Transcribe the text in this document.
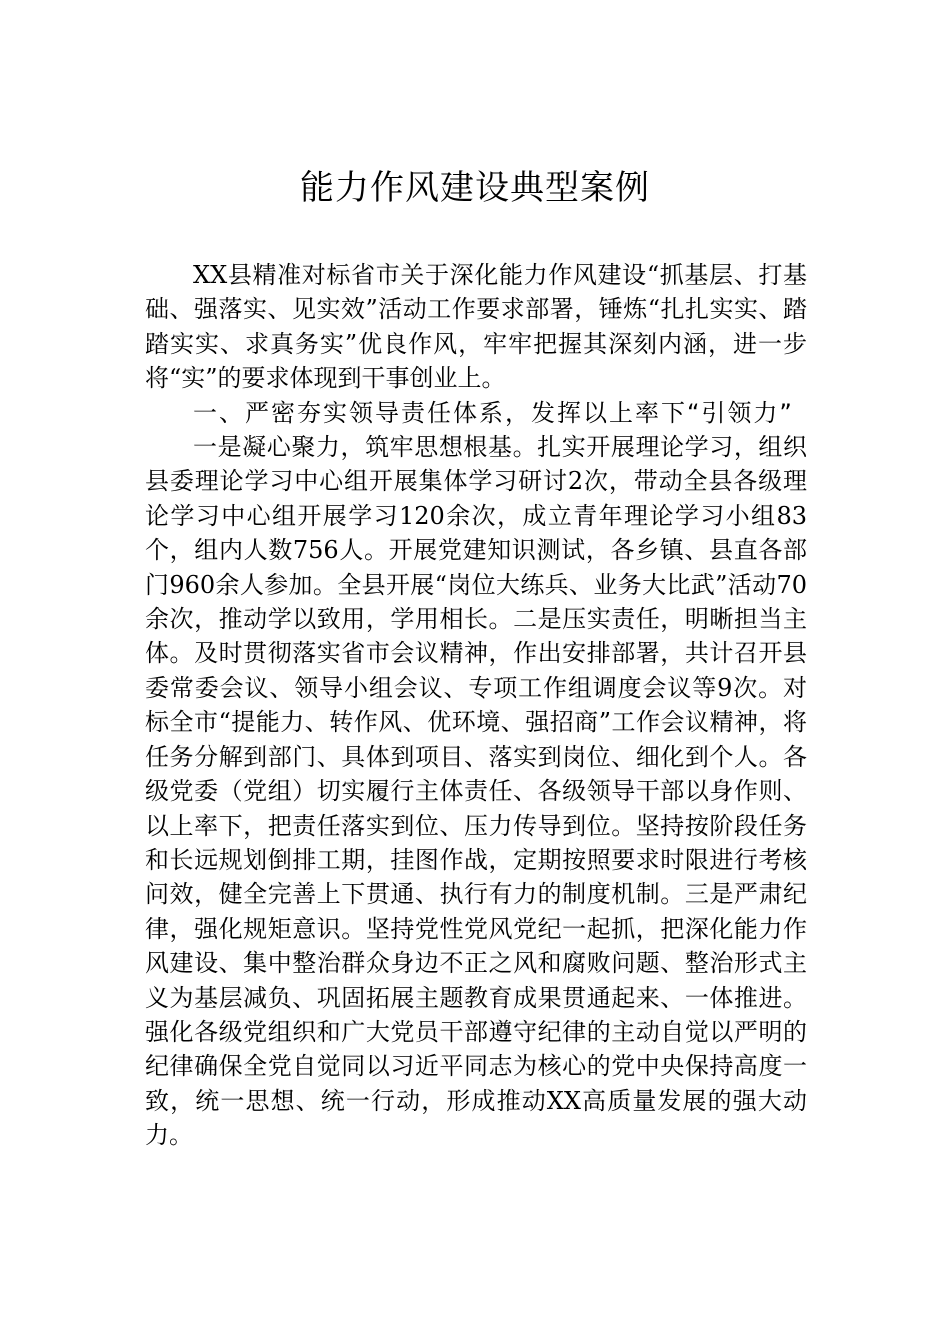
能力作风建设典型案例

XX县精准对标省市关于深化能力作风建设“抓基层、打基础、强落实、见实效”活动工作要求部署，锤炼“扎扎实实、踏踏实实、求真务实”优良作风，牢牢把握其深刻内涵，进一步将“实”的要求体现到干事创业上。

一、严密夯实领导责任体系，发挥以上率下“引领力”

一是凝心聚力，筑牢思想根基。扎实开展理论学习，组织县委理论学习中心组开展集体学习研讨2次，带动全县各级理论学习中心组开展学习120余次，成立青年理论学习小组83个，组内人数756人。开展党建知识测试，各乡镇、县直各部门960余人参加。全县开展“岗位大练兵、业务大比武”活动70余次，推动学以致用，学用相长。二是压实责任，明晰担当主体。及时贯彻落实省市会议精神，作出安排部署，共计召开县委常委会议、领导小组会议、专项工作组调度会议等9次。对标全市“提能力、转作风、优环境、强招商”工作会议精神，将任务分解到部门、具体到项目、落实到岗位、细化到个人。各级党委（党组）切实履行主体责任、各级领导干部以身作则、以上率下，把责任落实到位、压力传导到位。坚持按阶段任务和长远规划倒排工期，挂图作战，定期按照要求时限进行考核问效，健全完善上下贯通、执行有力的制度机制。三是严肃纪律，强化规矩意识。坚持党性党风党纪一起抓，把深化能力作风建设、集中整治群众身边不正之风和腐败问题、整治形式主义为基层减负、巩固拓展主题教育成果贯通起来、一体推进。强化各级党组织和广大党员干部遵守纪律的主动自觉以严明的纪律确保全党自觉同以习近平同志为核心的党中央保持高度一致，统一思想、统一行动，形成推动XX高质量发展的强大动力。
